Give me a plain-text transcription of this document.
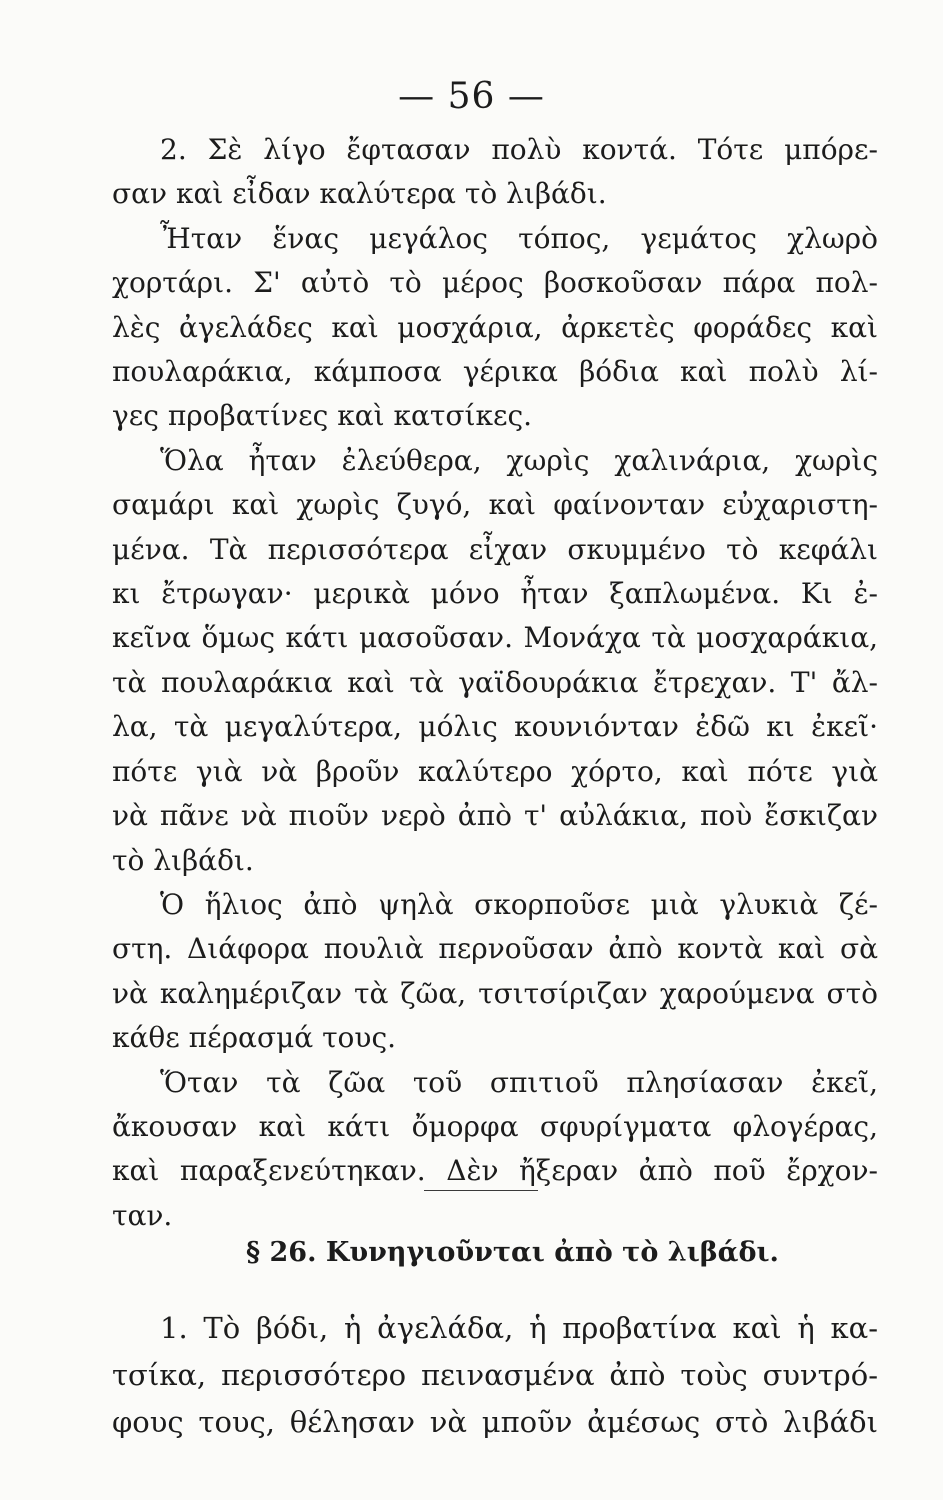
— 56 —

2. Σὲ λίγο ἔφτασαν πολὺ κοντά. Τότε μπόρε-
σαν καὶ εἶδαν καλύτερα τὸ λιβάδι.

Ἦταν ἕνας μεγάλος τόπος, γεμάτος χλωρὸ
χορτάρι. Σ' αὐτὸ τὸ μέρος βοσκοῦσαν πάρα πολ-
λὲς ἀγελάδες καὶ μοσχάρια, ἀρκετὲς φοράδες καὶ
πουλαράκια, κάμποσα γέρικα βόδια καὶ πολὺ λί-
γες προβατίνες καὶ κατσίκες.

Ὅλα ἦταν ἐλεύθερα, χωρὶς χαλινάρια, χωρὶς
σαμάρι καὶ χωρὶς ζυγό, καὶ φαίνονταν εὐχαριστη-
μένα. Τὰ περισσότερα εἶχαν σκυμμένο τὸ κεφάλι
κι ἔτρωγαν· μερικὰ μόνο ἦταν ξαπλωμένα. Κι ἐ-
κεῖνα ὅμως κάτι μασοῦσαν. Μονάχα τὰ μοσχαράκια,
τὰ πουλαράκια καὶ τὰ γαϊδουράκια ἔτρεχαν. Τ' ἄλ-
λα, τὰ μεγαλύτερα, μόλις κουνιόνταν ἐδῶ κι ἐκεῖ·
πότε γιὰ νὰ βροῦν καλύτερο χόρτο, καὶ πότε γιὰ
νὰ πᾶνε νὰ πιοῦν νερὸ ἀπὸ τ' αὐλάκια, ποὺ ἔσκιζαν
τὸ λιβάδι.

Ὁ ἥλιος ἀπὸ ψηλὰ σκορποῦσε μιὰ γλυκιὰ ζέ-
στη. Διάφορα πουλιὰ περνοῦσαν ἀπὸ κοντὰ καὶ σὰ
νὰ καλημέριζαν τὰ ζῶα, τσιτσίριζαν χαρούμενα στὸ
κάθε πέρασμά τους.

Ὅταν τὰ ζῶα τοῦ σπιτιοῦ πλησίασαν ἐκεῖ,
ἄκουσαν καὶ κάτι ὄμορφα σφυρίγματα φλογέρας,
καὶ παραξενεύτηκαν. Δὲν ἤξεραν ἀπὸ ποῦ ἔρχον-
ταν.

§ 26. Κυνηγιοῦνται ἀπὸ τὸ λιβάδι.

1. Τὸ βόδι, ἡ ἀγελάδα, ἡ προβατίνα καὶ ἡ κα-
τσίκα, περισσότερο πεινασμένα ἀπὸ τοὺς συντρό-
φους τους, θέλησαν νὰ μποῦν ἀμέσως στὸ λιβάδι
